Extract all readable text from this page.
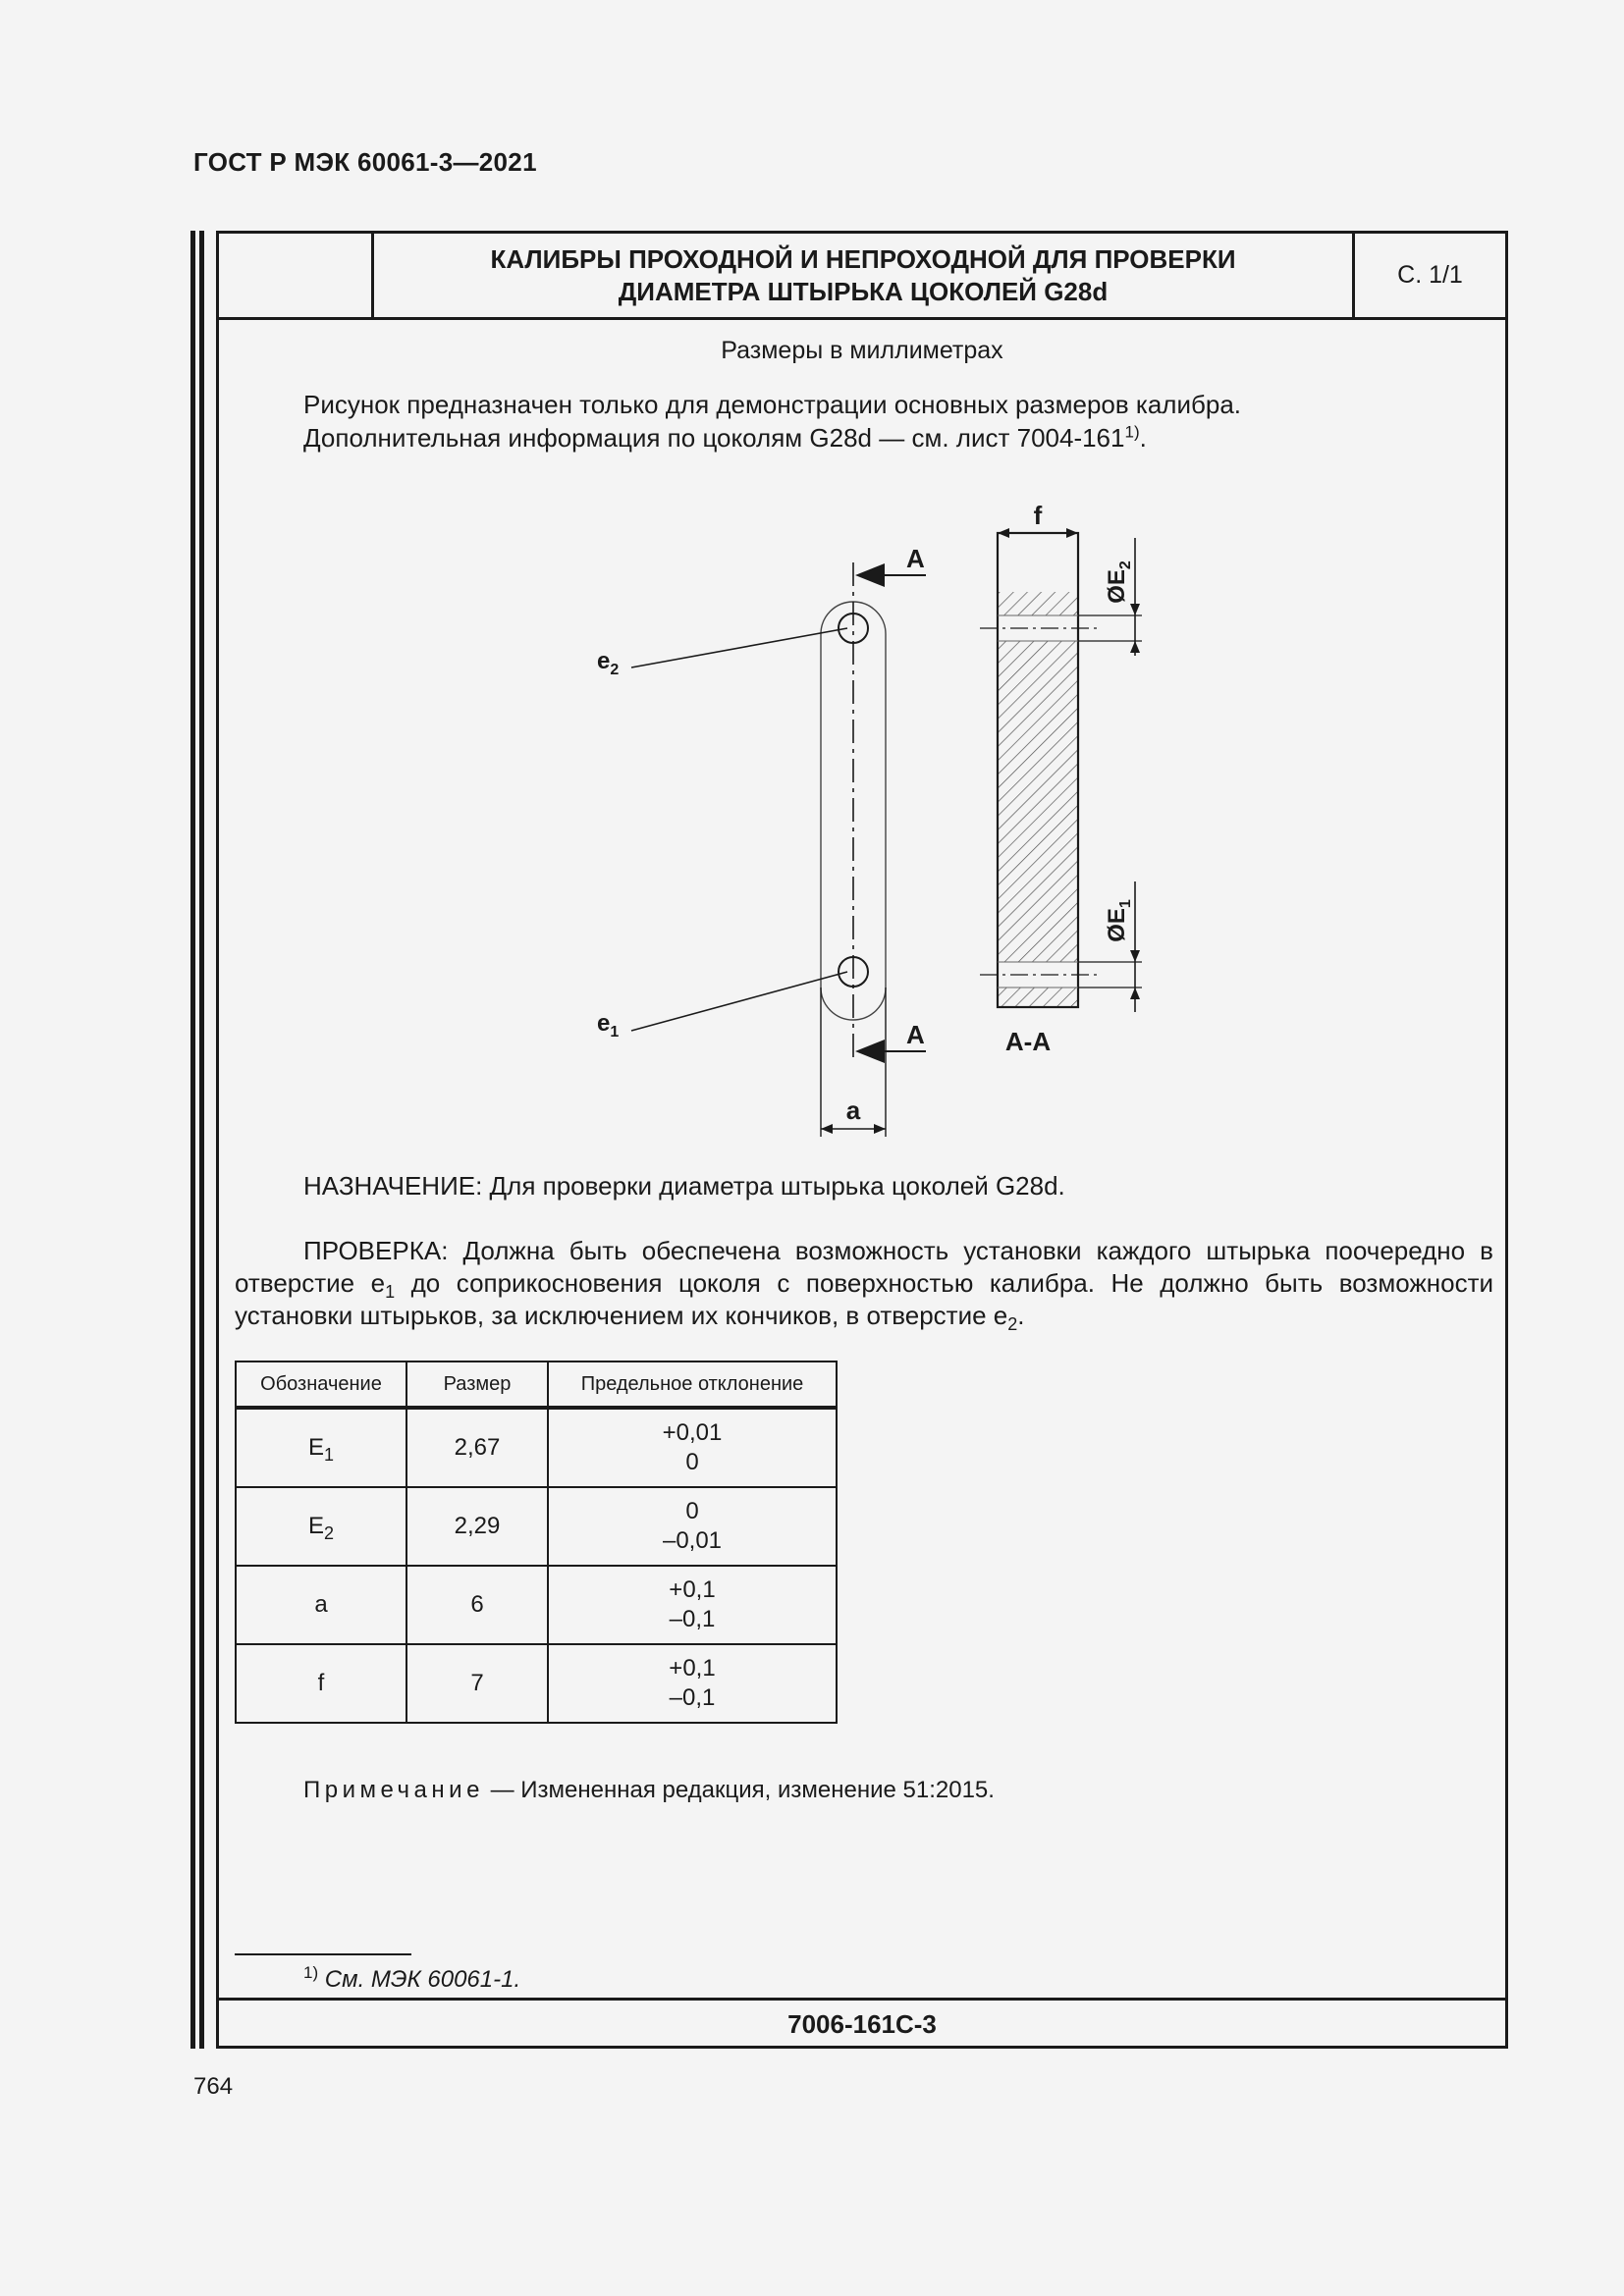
ГОСТ Р МЭК 60061-3—2021
КАЛИБРЫ ПРОХОДНОЙ И НЕПРОХОДНОЙ ДЛЯ ПРОВЕРКИ
ДИАМЕТРА ШТЫРЬКА ЦОКОЛЕЙ G28d
С. 1/1
Размеры в миллиметрах
Рисунок предназначен только для демонстрации основных размеров калибра.
Дополнительная информация по цоколям G28d — см. лист 7004-161$^{1)}$.
A
A	A-A
$e_2$
$e_1$
a
f
$ØE_2$
$ØE_1$
НАЗНАЧЕНИЕ: Для проверки диаметра штырька цоколей G28d.
ПРОВЕРКА: Должна быть обеспечена возможность установки каждого штырька поочередно в отверстие $e_1$ до соприкосновения цоколя с поверхностью калибра. Не должно быть возможности установки штырьков, за исключением их кончиков, в отверстие $e_2$.
Обозначение	Размер	Предельное отклонение
$E_1$	2,67	+0,01
0
$E_2$	2,29	0
–0,01
a	6	+0,1
–0,1
f	7	+0,1
–0,1
Примечание — Измененная редакция, изменение 51:2015.
$^{1)}$ См. МЭК 60061-1.
7006-161С-3
764
